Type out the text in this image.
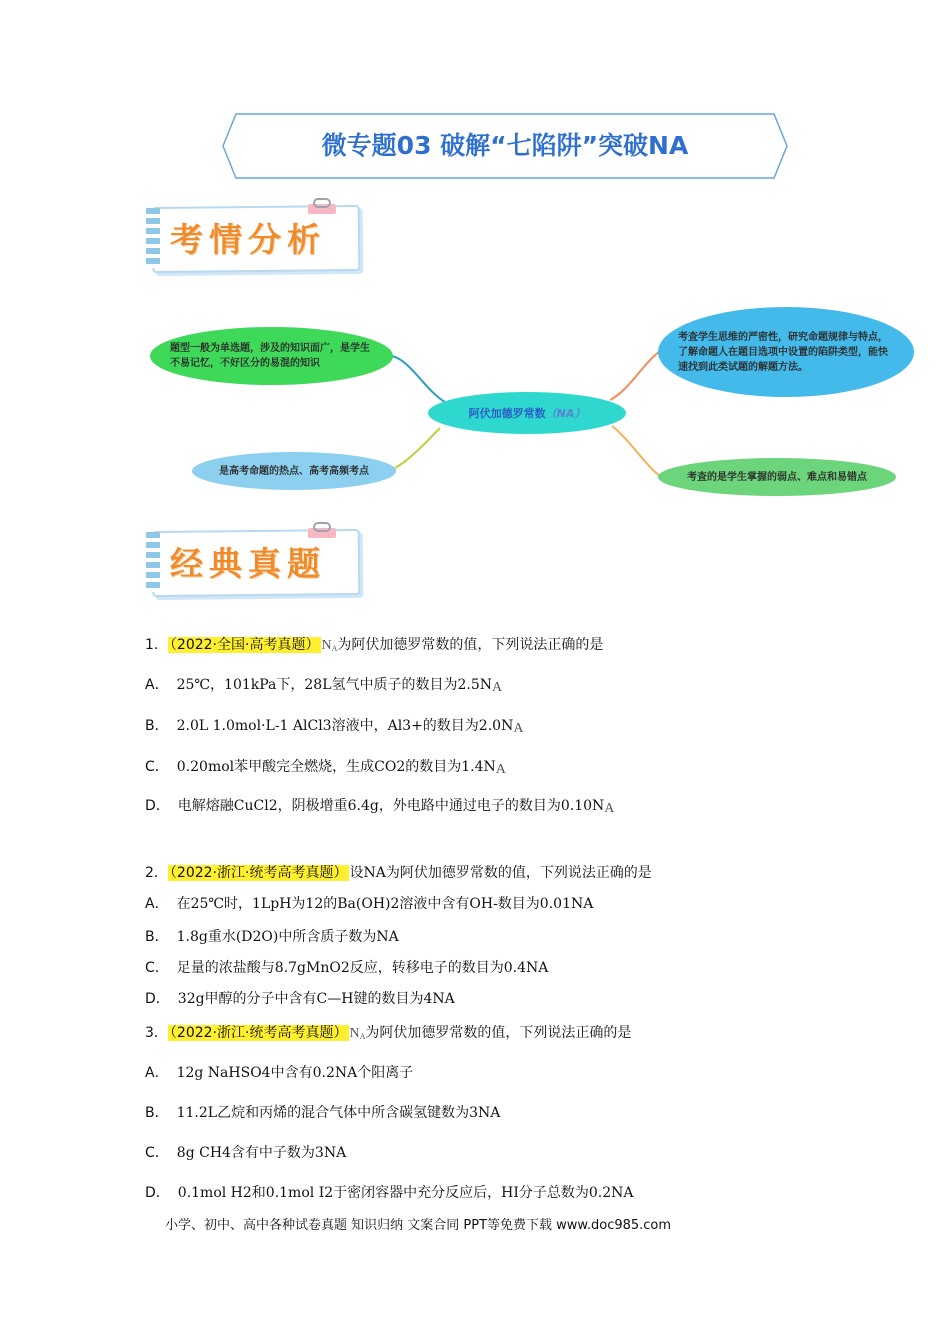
微专题03 破解“七陷阱”突破NA
考情分析
题型一般为单选题，涉及的知识面广，是学生不易记忆，不好区分的易混的知识
是高考命题的热点、高考高频考点
阿伏加德罗常数 （NA）
考查学生思维的严密性，研究命题规律与特点，了解命题人在题目选项中设置的陷阱类型，能快速找到此类试题的解题方法。
考查的是学生掌握的弱点、难点和易错点
经典真题
1． （2022·全国·高考真题） $N_A$为阿伏加德罗常数的值，下列说法正确的是
A． 25℃，101kPa下，28L氢气中质子的数目为2.5NA
B． 2.0L 1.0mol·L-1 AlCl3溶液中，Al3+的数目为2.0NA
C． 0.20mol苯甲酸完全燃烧，生成CO2的数目为1.4NA
D． 电解熔融CuCl2，阴极增重6.4g，外电路中通过电子的数目为0.10NA
2． （2022·浙江·统考高考真题） 设NA为阿伏加德罗常数的值，下列说法正确的是
A． 在25℃时，1LpH为12的Ba(OH)2溶液中含有OH-数目为0.01NA
B． 1.8g重水(D2O)中所含质子数为NA
C． 足量的浓盐酸与8.7gMnO2反应，转移电子的数目为0.4NA
D． 32g甲醇的分子中含有C—H键的数目为4NA
3． （2022·浙江·统考高考真题） $N_A$为阿伏加德罗常数的值，下列说法正确的是
A． 12g NaHSO4中含有0.2NA个阳离子
B． 11.2L乙烷和丙烯的混合气体中所含碳氢键数为3NA
C． 8g CH4含有中子数为3NA
D． 0.1mol H2和0.1mol I2于密闭容器中充分反应后，HI分子总数为0.2NA
小学、初中、高中各种试卷真题 知识归纳 文案合同 PPT等免费下载 www.doc985.com
